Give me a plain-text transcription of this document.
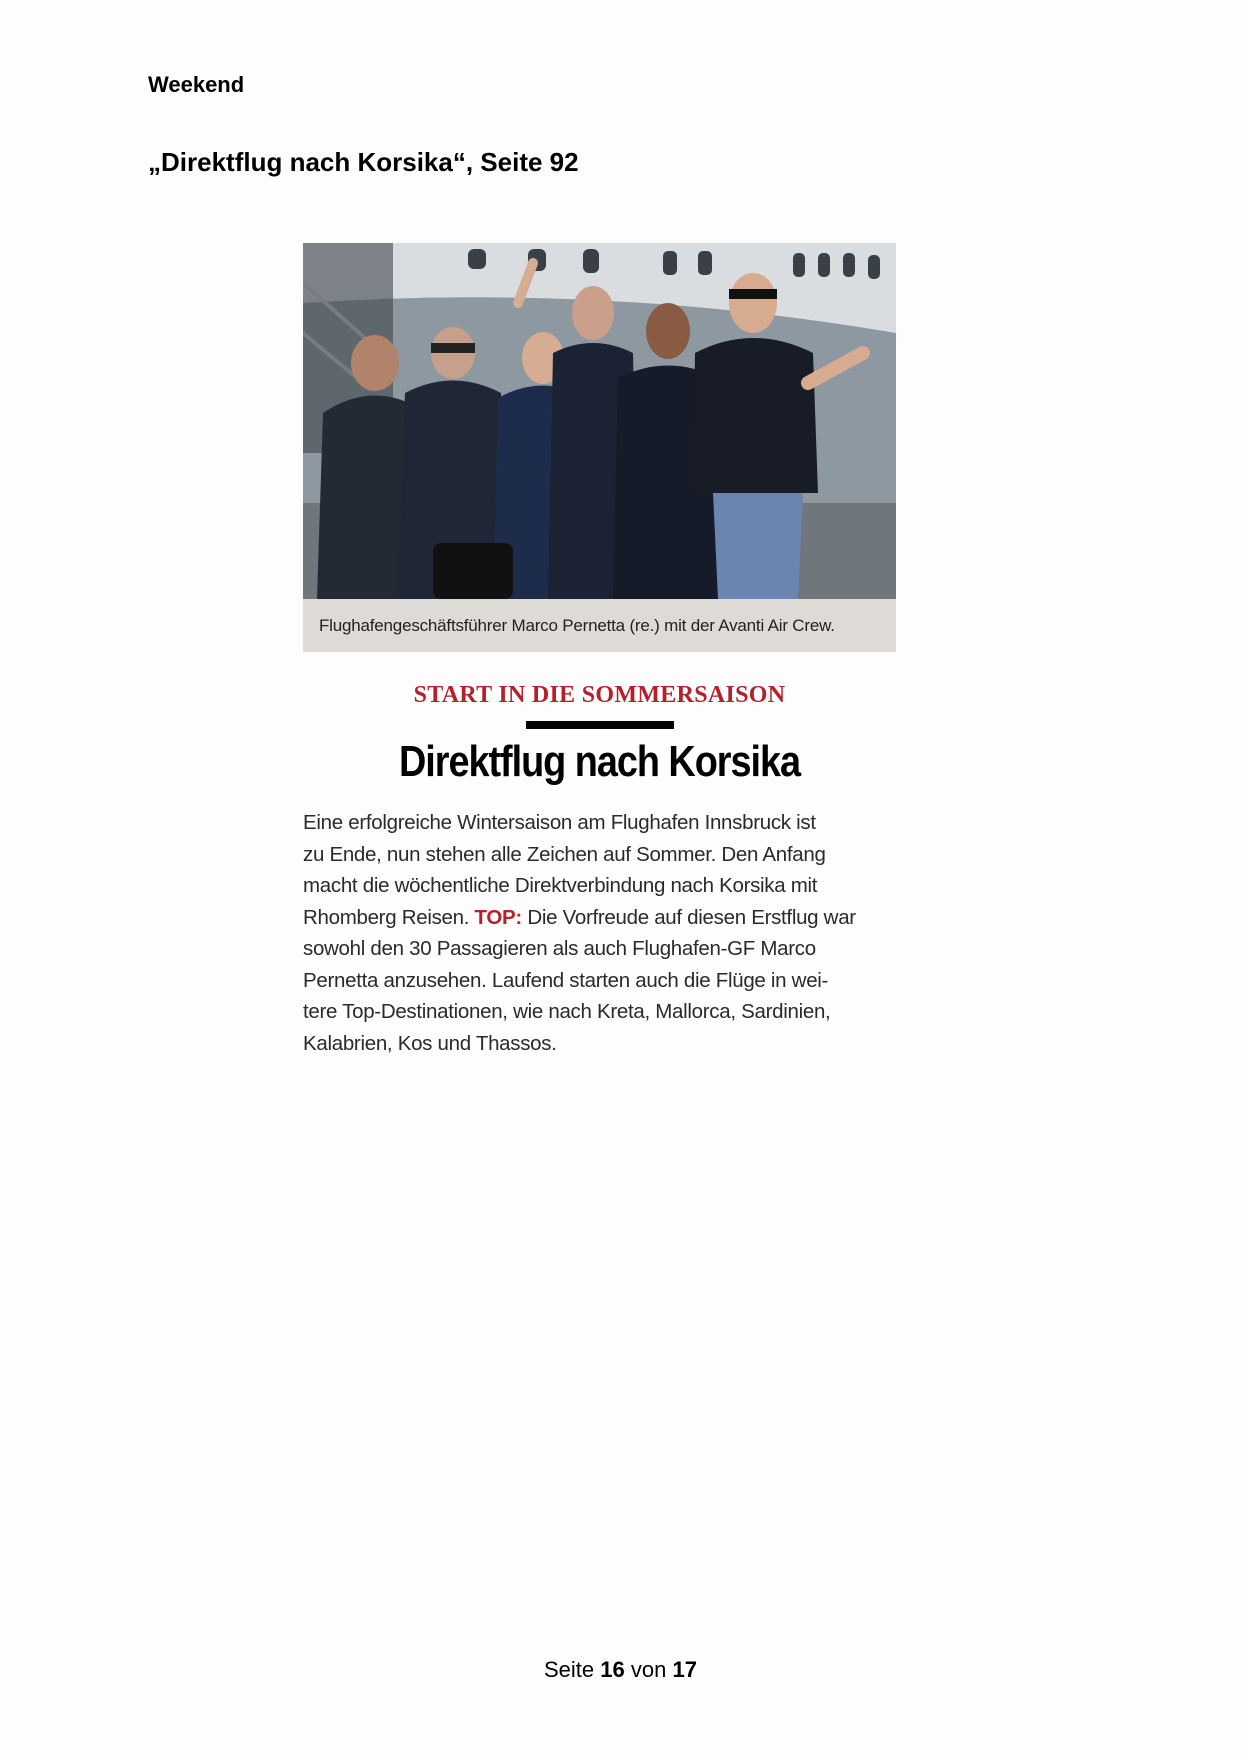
Weekend
„Direktflug nach Korsika“, Seite 92
Flughafengeschäftsführer Marco Pernetta (re.) mit der Avanti Air Crew.
START IN DIE SOMMERSAISON
Direktflug nach Korsika
Eine erfolgreiche Wintersaison am Flughafen Innsbruck ist
zu Ende, nun stehen alle Zeichen auf Sommer. Den Anfang
macht die wöchentliche Direktverbindung nach Korsika mit
Rhomberg Reisen. TOP: Die Vorfreude auf diesen Erstflug war
sowohl den 30 Passagieren als auch Flughafen-GF Marco
Pernetta anzusehen. Laufend starten auch die Flüge in wei-
tere Top-Destinationen, wie nach Kreta, Mallorca, Sardinien,
Kalabrien, Kos und Thassos.
Seite 16 von 17
